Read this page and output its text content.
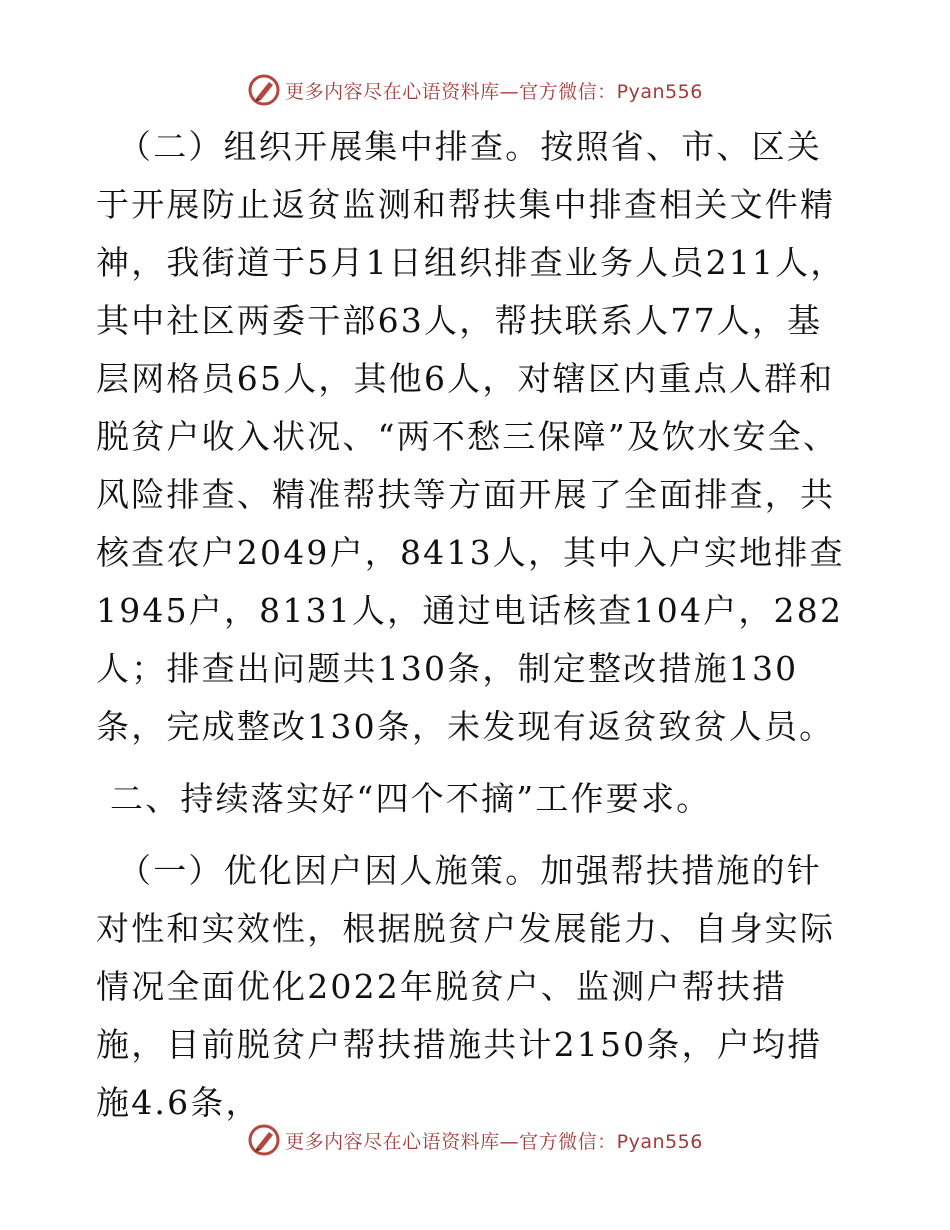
更多内容尽在心语资料库—官方微信：Pyan556

（二）组织开展集中排查。按照省、市、区关于开展防止返贫监测和帮扶集中排查相关文件精神，我街道于5月1日组织排查业务人员211人，其中社区两委干部63人，帮扶联系人77人，基层网格员65人，其他6人，对辖区内重点人群和脱贫户收入状况、“两不愁三保障”及饮水安全、风险排查、精准帮扶等方面开展了全面排查，共核查农户2049户，8413人，其中入户实地排查1945户，8131人，通过电话核查104户，282人；排查出问题共130条，制定整改措施130条，完成整改130条，未发现有返贫致贫人员。

二、持续落实好“四个不摘”工作要求。

（一）优化因户因人施策。加强帮扶措施的针对性和实效性，根据脱贫户发展能力、自身实际情况全面优化2022年脱贫户、监测户帮扶措施，目前脱贫户帮扶措施共计2150条，户均措施4.6条，

更多内容尽在心语资料库—官方微信：Pyan556
